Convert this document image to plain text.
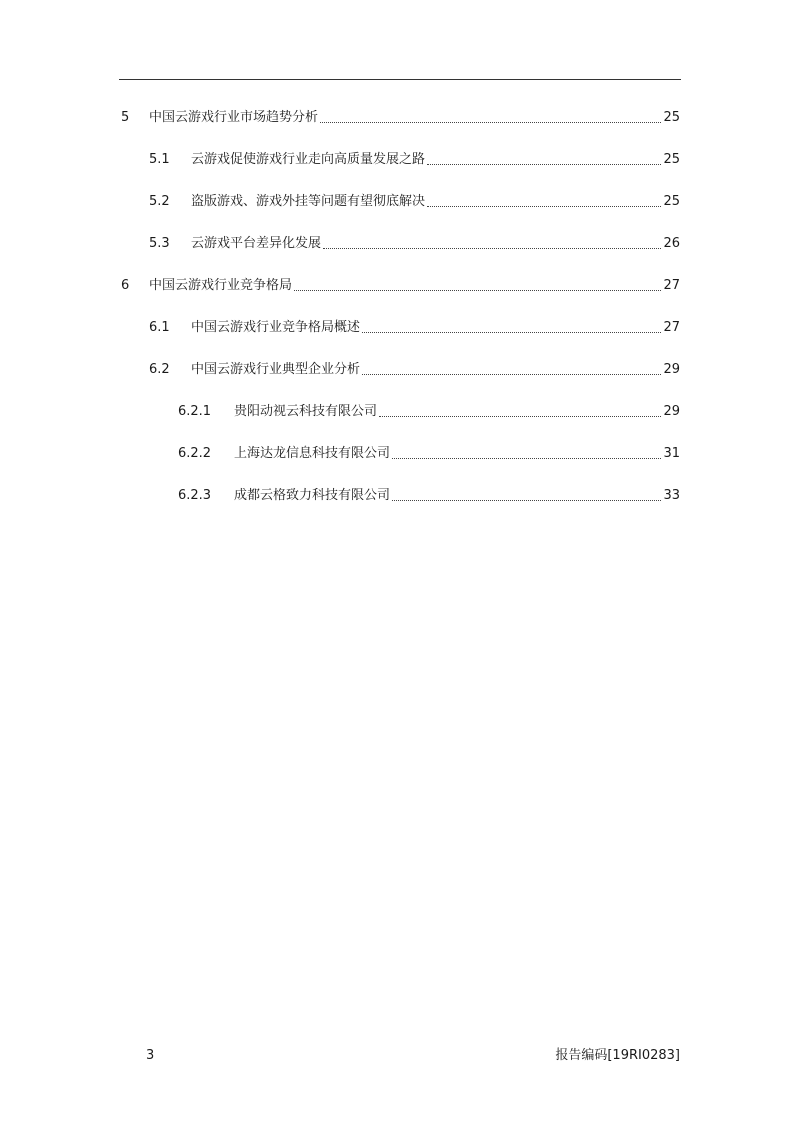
5	中国云游戏行业市场趋势分析	25
5.1	云游戏促使游戏行业走向高质量发展之路	25
5.2	盗版游戏、游戏外挂等问题有望彻底解决	25
5.3	云游戏平台差异化发展	26
6	中国云游戏行业竞争格局	27
6.1	中国云游戏行业竞争格局概述	27
6.2	中国云游戏行业典型企业分析	29
6.2.1	贵阳动视云科技有限公司	29
6.2.2	上海达龙信息科技有限公司	31
6.2.3	成都云格致力科技有限公司	33
3	报告编码[19RI0283]
